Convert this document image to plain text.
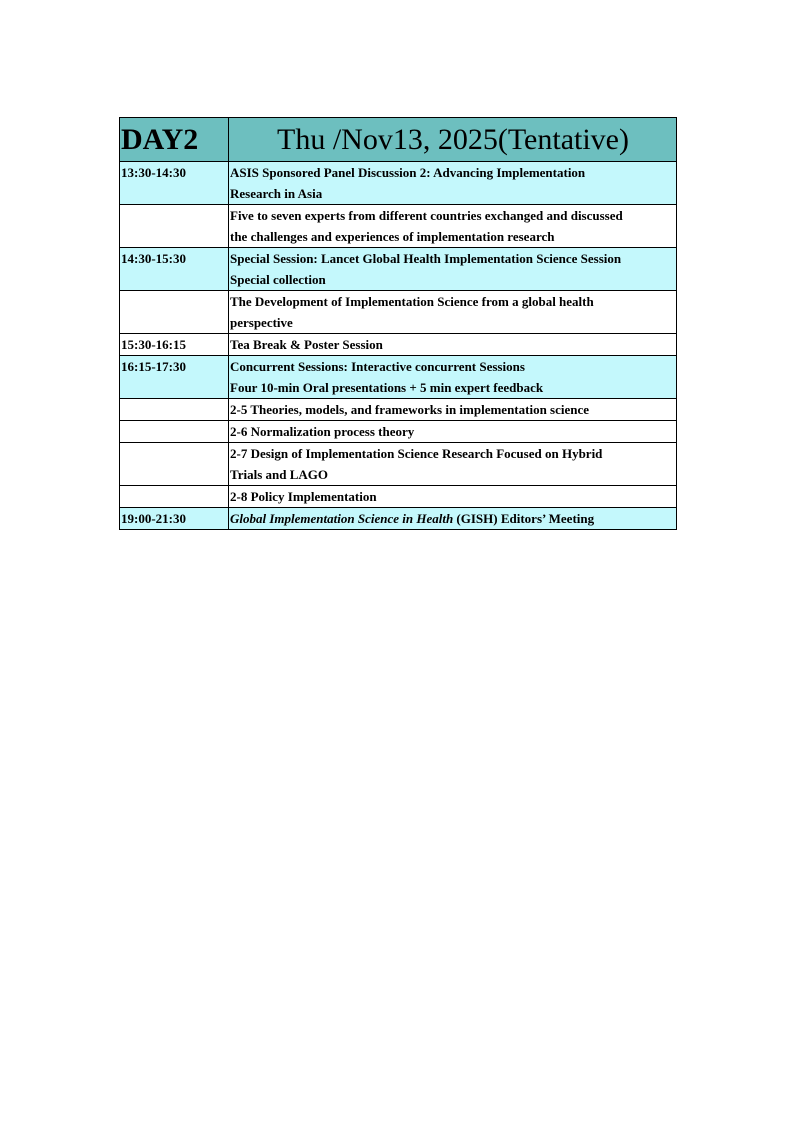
DAY2	Thu /Nov13, 2025(Tentative)
13:30-14:30	ASIS Sponsored Panel Discussion 2: Advancing Implementation
Research in Asia

	Five to seven experts from different countries exchanged and discussed
the challenges and experiences of implementation research

14:30-15:30	Special Session: Lancet Global Health Implementation Science Session
Special collection

	The Development of Implementation Science from a global health
perspective

15:30-16:15	Tea Break & Poster Session

16:15-17:30	Concurrent Sessions: Interactive concurrent Sessions
Four 10-min Oral presentations + 5 min expert feedback

	2-5 Theories, models, and frameworks in implementation science

	2-6 Normalization process theory

	2-7 Design of Implementation Science Research Focused on Hybrid
Trials and LAGO

	2-8 Policy Implementation

19:00-21:30	Global Implementation Science in Health (GISH) Editors’ Meeting
